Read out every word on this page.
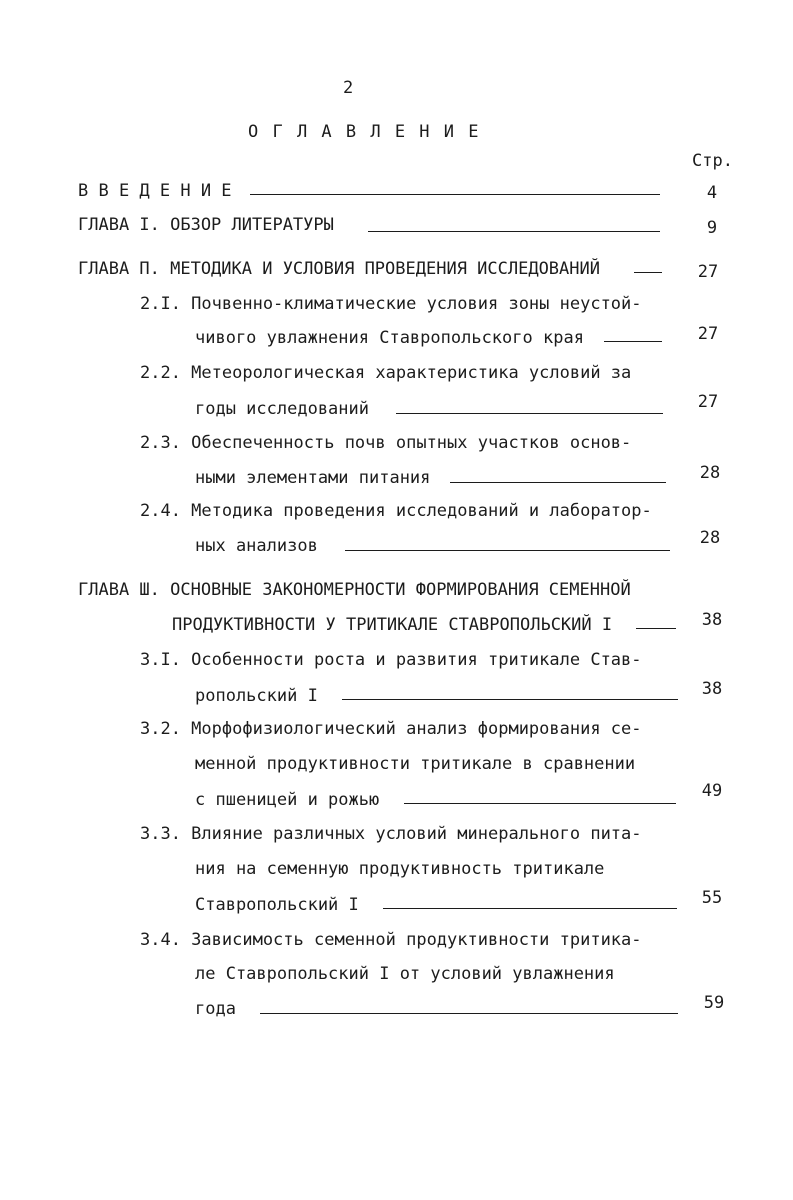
2
О Г Л А В Л Е Н И Е
Стр.
В В Е Д Е Н И Е	4
ГЛАВА I. ОБЗОР ЛИТЕРАТУРЫ	9
ГЛАВА П. МЕТОДИКА И УСЛОВИЯ ПРОВЕДЕНИЯ ИССЛЕДОВАНИЙ	27
2.I. Почвенно-климатические условия зоны неустой-
чивого увлажнения Ставропольского края	27
2.2. Метеорологическая характеристика условий за
годы исследований	27
2.3. Обеспеченность почв опытных участков основ-
ными элементами питания	28
2.4. Методика проведения исследований и лаборатор-
ных анализов	28
ГЛАВА Ш. ОСНОВНЫЕ ЗАКОНОМЕРНОСТИ ФОРМИРОВАНИЯ СЕМЕННОЙ
ПРОДУКТИВНОСТИ У ТРИТИКАЛЕ СТАВРОПОЛЬСКИЙ I	38
3.I. Особенности роста и развития тритикале Став-
ропольский I	38
3.2. Морфофизиологический анализ формирования се-
менной продуктивности тритикале в сравнении
с пшеницей и рожью	49
3.3. Влияние различных условий минерального пита-
ния на семенную продуктивность тритикале
Ставропольский I	55
3.4. Зависимость семенной продуктивности тритика-
ле Ставропольский I от условий увлажнения
года	59
